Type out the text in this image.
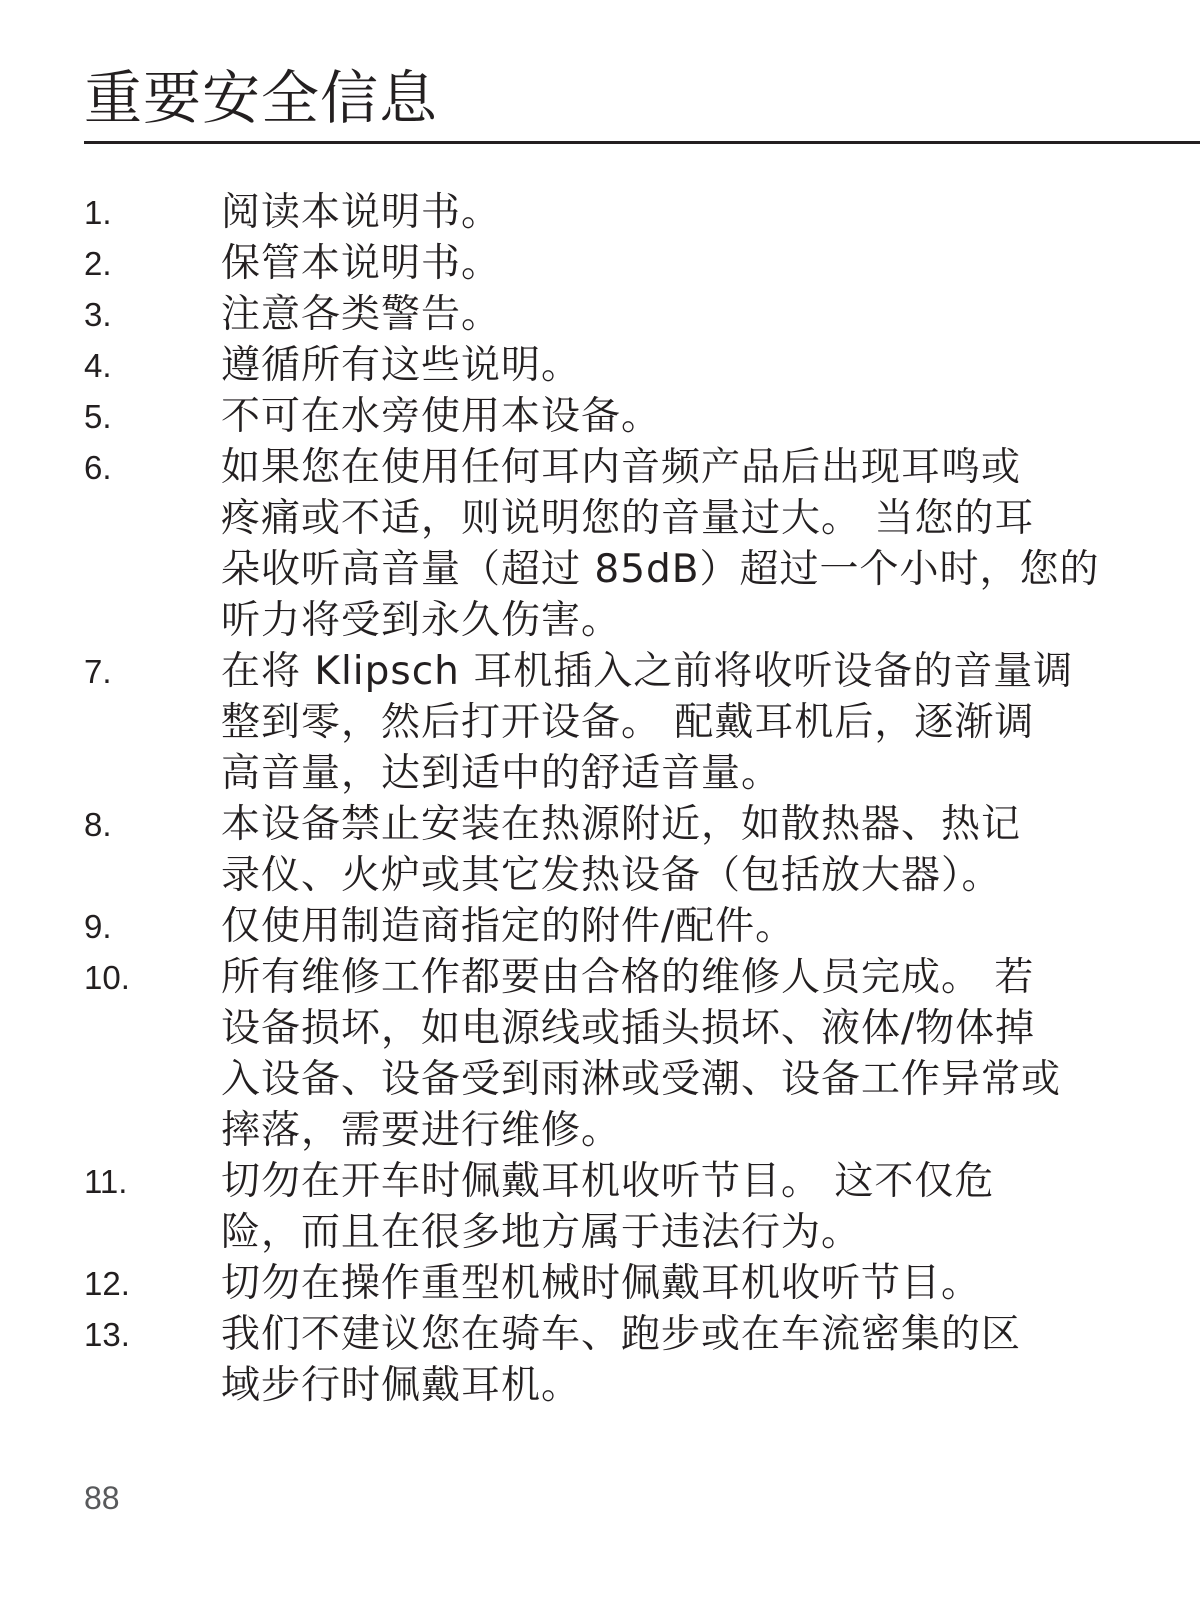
重要安全信息
1.	阅读本说明书。
2.	保管本说明书。
3.	注意各类警告。
4.	遵循所有这些说明。
5.	不可在水旁使用本设备。
6.	如果您在使用任何耳内音频产品后出现耳鸣或
疼痛或不适，则说明您的音量过大。 当您的耳
朵收听高音量（超过 85dB）超过一个小时，您的
听力将受到永久伤害。
7.	在将 Klipsch 耳机插入之前将收听设备的音量调
整到零，然后打开设备。 配戴耳机后，逐渐调
高音量，达到适中的舒适音量。
8.	本设备禁止安装在热源附近，如散热器、热记
录仪、火炉或其它发热设备（包括放大器）。
9.	仅使用制造商指定的附件/配件。
10.	所有维修工作都要由合格的维修人员完成。 若
设备损坏，如电源线或插头损坏、液体/物体掉
入设备、设备受到雨淋或受潮、设备工作异常或
摔落，需要进行维修。
11.	切勿在开车时佩戴耳机收听节目。 这不仅危
险，而且在很多地方属于违法行为。
12.	切勿在操作重型机械时佩戴耳机收听节目。
13.	我们不建议您在骑车、跑步或在车流密集的区
域步行时佩戴耳机。
88
